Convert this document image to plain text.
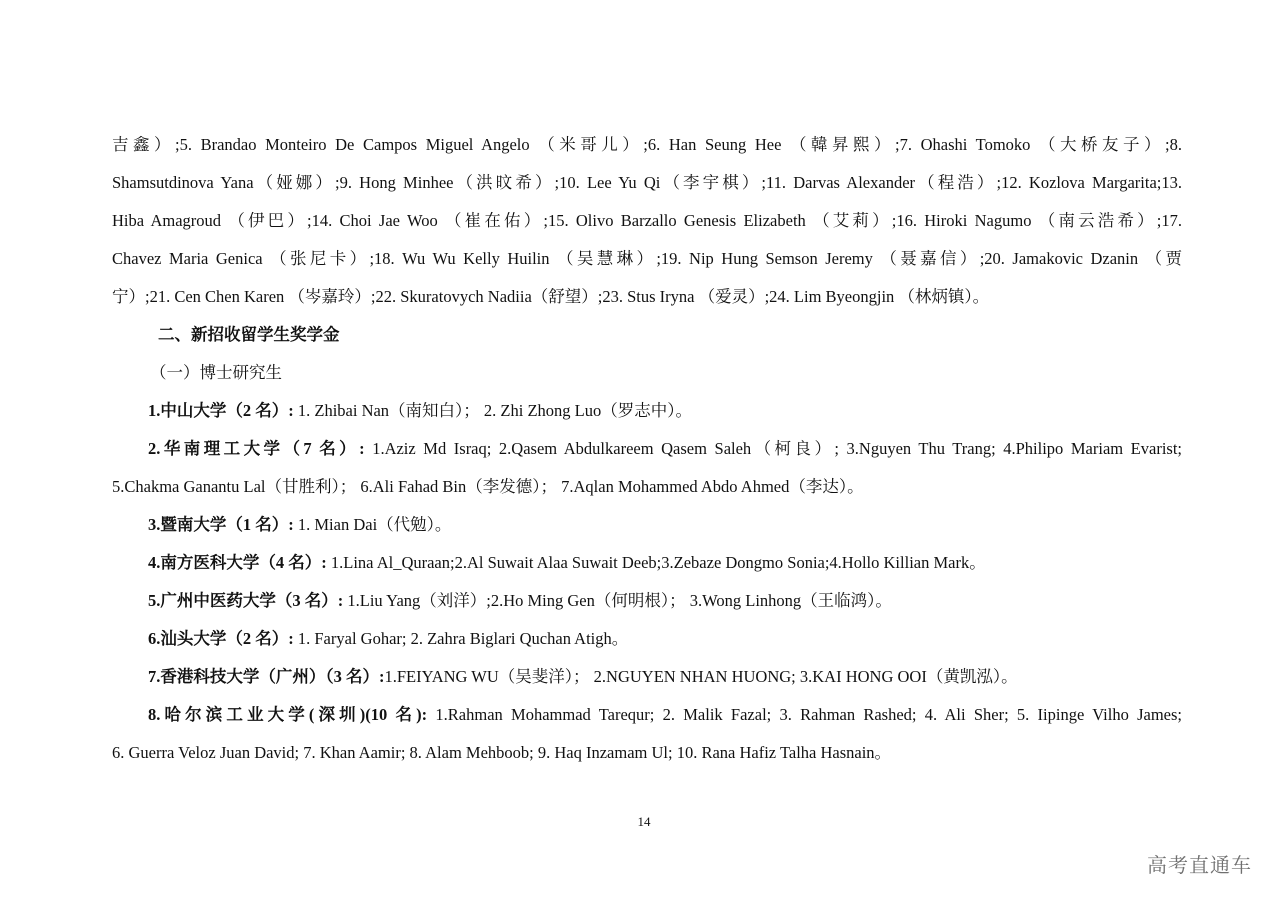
吉鑫）;5. Brandao Monteiro De Campos Miguel Angelo （米哥儿）;6. Han Seung Hee （韓昇熙）;7. Ohashi Tomoko （大桥友子）;8.
Shamsutdinova Yana（娅娜）;9. Hong Minhee（洪旼希）;10. Lee Yu Qi（李宇棋）;11. Darvas Alexander（程浩）;12. Kozlova Margarita;13.
Hiba Amagroud （伊巴）;14. Choi Jae Woo （崔在佑）;15. Olivo Barzallo Genesis Elizabeth （艾莉）;16. Hiroki Nagumo （南云浩希）;17.
Chavez Maria Genica （张尼卡）;18. Wu Wu Kelly Huilin （吴慧琳）;19. Nip Hung Semson Jeremy （聂嘉信）;20. Jamakovic Dzanin （贾
宁）;21. Cen Chen Karen （岑嘉玲）;22. Skuratovych Nadiia（舒望）;23. Stus Iryna （爱灵）;24. Lim Byeongjin （林炳镇）。
二、新招收留学生奖学金
（一）博士研究生
1.中山大学（2 名）: 1. Zhibai Nan（南知白）； 2. Zhi Zhong Luo（罗志中）。
2.华南理工大学（7 名）: 1.Aziz Md Israq; 2.Qasem Abdulkareem Qasem Saleh（柯良）; 3.Nguyen Thu Trang; 4.Philipo Mariam Evarist;
5.Chakma Ganantu Lal（甘胜利）； 6.Ali Fahad Bin（李发德）； 7.Aqlan Mohammed Abdo Ahmed（李达）。
3.暨南大学（1 名）: 1. Mian Dai（代勉）。
4.南方医科大学（4 名）: 1.Lina Al_Quraan;2.Al Suwait Alaa Suwait Deeb;3.Zebaze Dongmo Sonia;4.Hollo Killian Mark。
5.广州中医药大学（3 名）: 1.Liu Yang（刘洋）;2.Ho Ming Gen（何明根）； 3.Wong Linhong（王临鸿）。
6.汕头大学（2 名）: 1. Faryal Gohar; 2. Zahra Biglari Quchan Atigh。
7.香港科技大学（广州）（3 名）:1.FEIYANG WU（吴斐洋）； 2.NGUYEN NHAN HUONG; 3.KAI HONG OOI（黄凯泓）。
8.哈尔滨工业大学(深圳)(10 名): 1.Rahman Mohammad Tarequr; 2. Malik Fazal; 3. Rahman Rashed; 4. Ali Sher; 5. Iipinge Vilho James;
6. Guerra Veloz Juan David; 7. Khan Aamir; 8. Alam Mehboob; 9. Haq Inzamam Ul; 10. Rana Hafiz Talha Hasnain。
14
高考直通车
